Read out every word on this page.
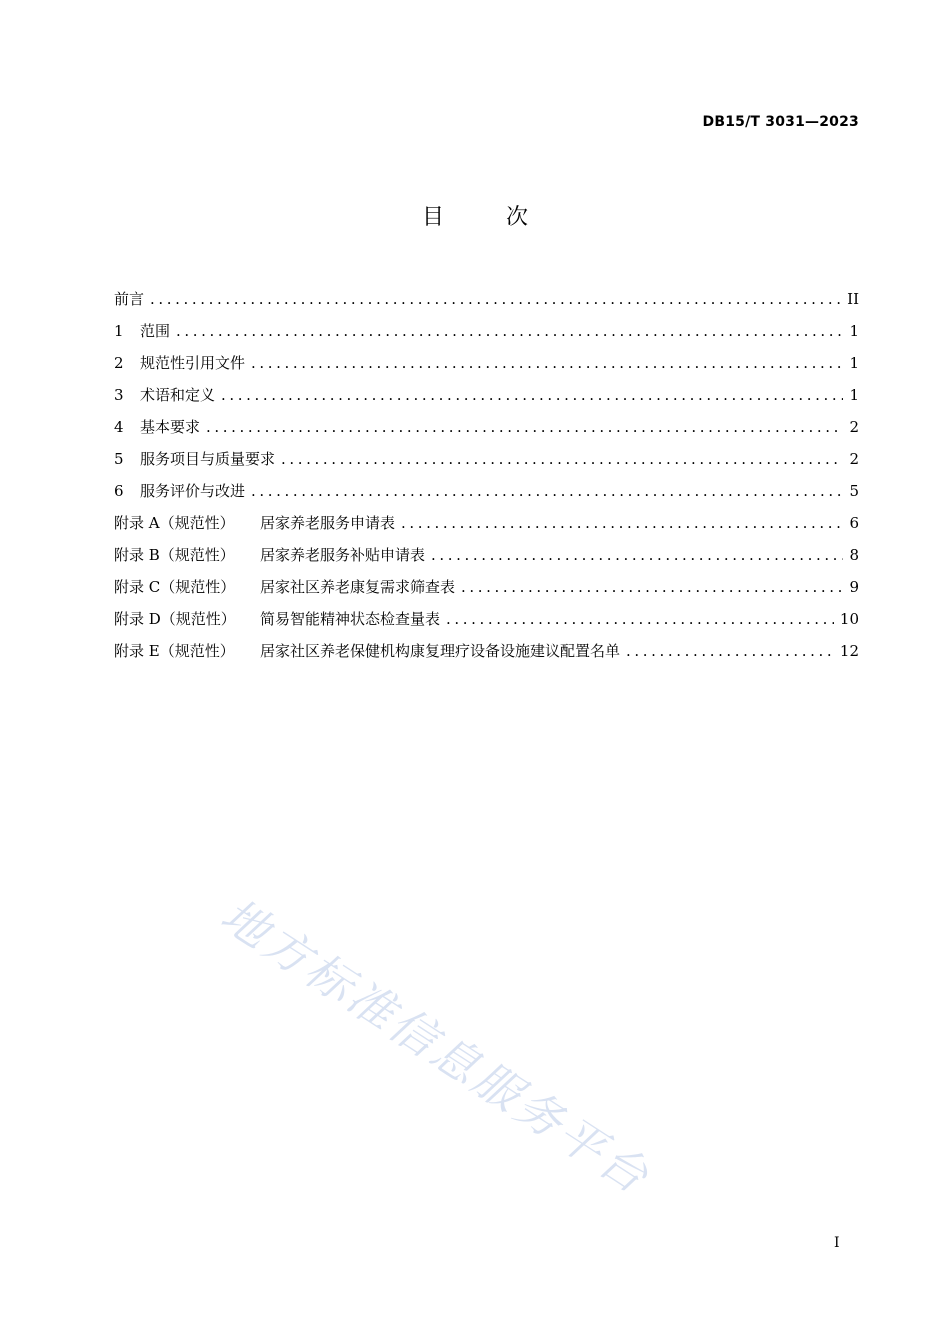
DB15/T 3031—2023
目次
前言 .....	II
1	范围 .....	1
2	规范性引用文件 .....	1
3	术语和定义 .....	1
4	基本要求 .....	2
5	服务项目与质量要求 .....	2
6	服务评价与改进 .....	5
附录 A（规范性）	居家养老服务申请表 .....	6
附录 B（规范性）	居家养老服务补贴申请表 .....	8
附录 C（规范性）	居家社区养老康复需求筛查表 .....	9
附录 D（规范性）	简易智能精神状态检查量表 .....	10
附录 E（规范性）	居家社区养老保健机构康复理疗设备设施建议配置名单 .....	12
地方标准信息服务平台
I
